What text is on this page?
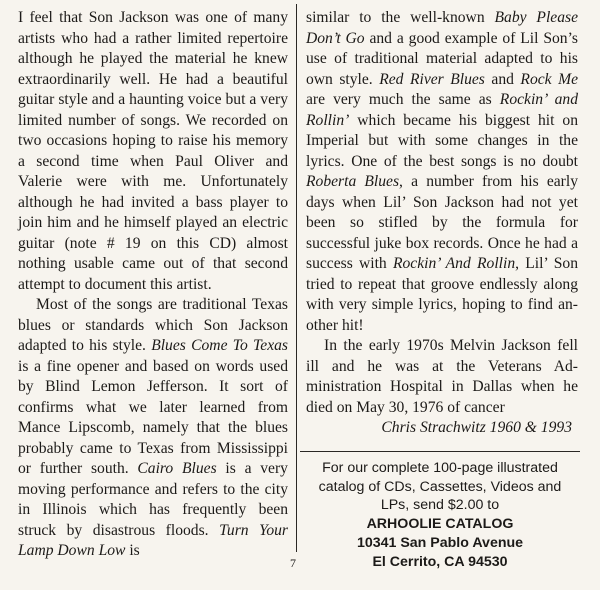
I feel that Son Jackson was one of many artists who had a rather limited repertoire although he played the material he knew extraordinarily well. He had a beautiful guitar style and a haunting voice but a very limited number of songs. We recorded on two occasions hoping to raise his memory a second time when Paul Oliver and Valerie were with me. Unfortunately although he had invited a bass player to join him and he himself played an electric guitar (note # 19 on this CD) almost nothing usable came out of that second attempt to document this artist.

Most of the songs are traditional Texas blues or standards which Son Jackson adapted to his style. Blues Come To Texas is a fine opener and based on words used by Blind Lemon Jefferson. It sort of confirms what we later learned from Mance Lipscomb, namely that the blues probably came to Texas from Mississippi or further south. Cairo Blues is a very moving performance and refers to the city in Illinois which has frequently been struck by disastrous floods. Turn Your Lamp Down Low is

similar to the well-known Baby Please Don’t Go and a good example of Lil Son’s use of traditional material adapted to his own style. Red River Blues and Rock Me are very much the same as Rockin’ and Rollin’ which became his biggest hit on Imperial but with some changes in the lyrics. One of the best songs is no doubt Roberta Blues, a number from his early days when Lil’ Son Jackson had not yet been so stifled by the formula for successful juke box records. Once he had a success with Rockin’ And Rollin, Lil’ Son tried to repeat that groove endlessly along with very simple lyrics, hoping to find another hit!

In the early 1970s Melvin Jackson fell ill and he was at the Veterans Administration Hospital in Dallas when he died on May 30, 1976 of cancer

Chris Strachwitz 1960 & 1993

For our complete 100-page illustrated
catalog of CDs, Cassettes, Videos and
LPs, send $2.00 to
ARHOOLIE CATALOG
10341 San Pablo Avenue
El Cerrito, CA 94530
7
